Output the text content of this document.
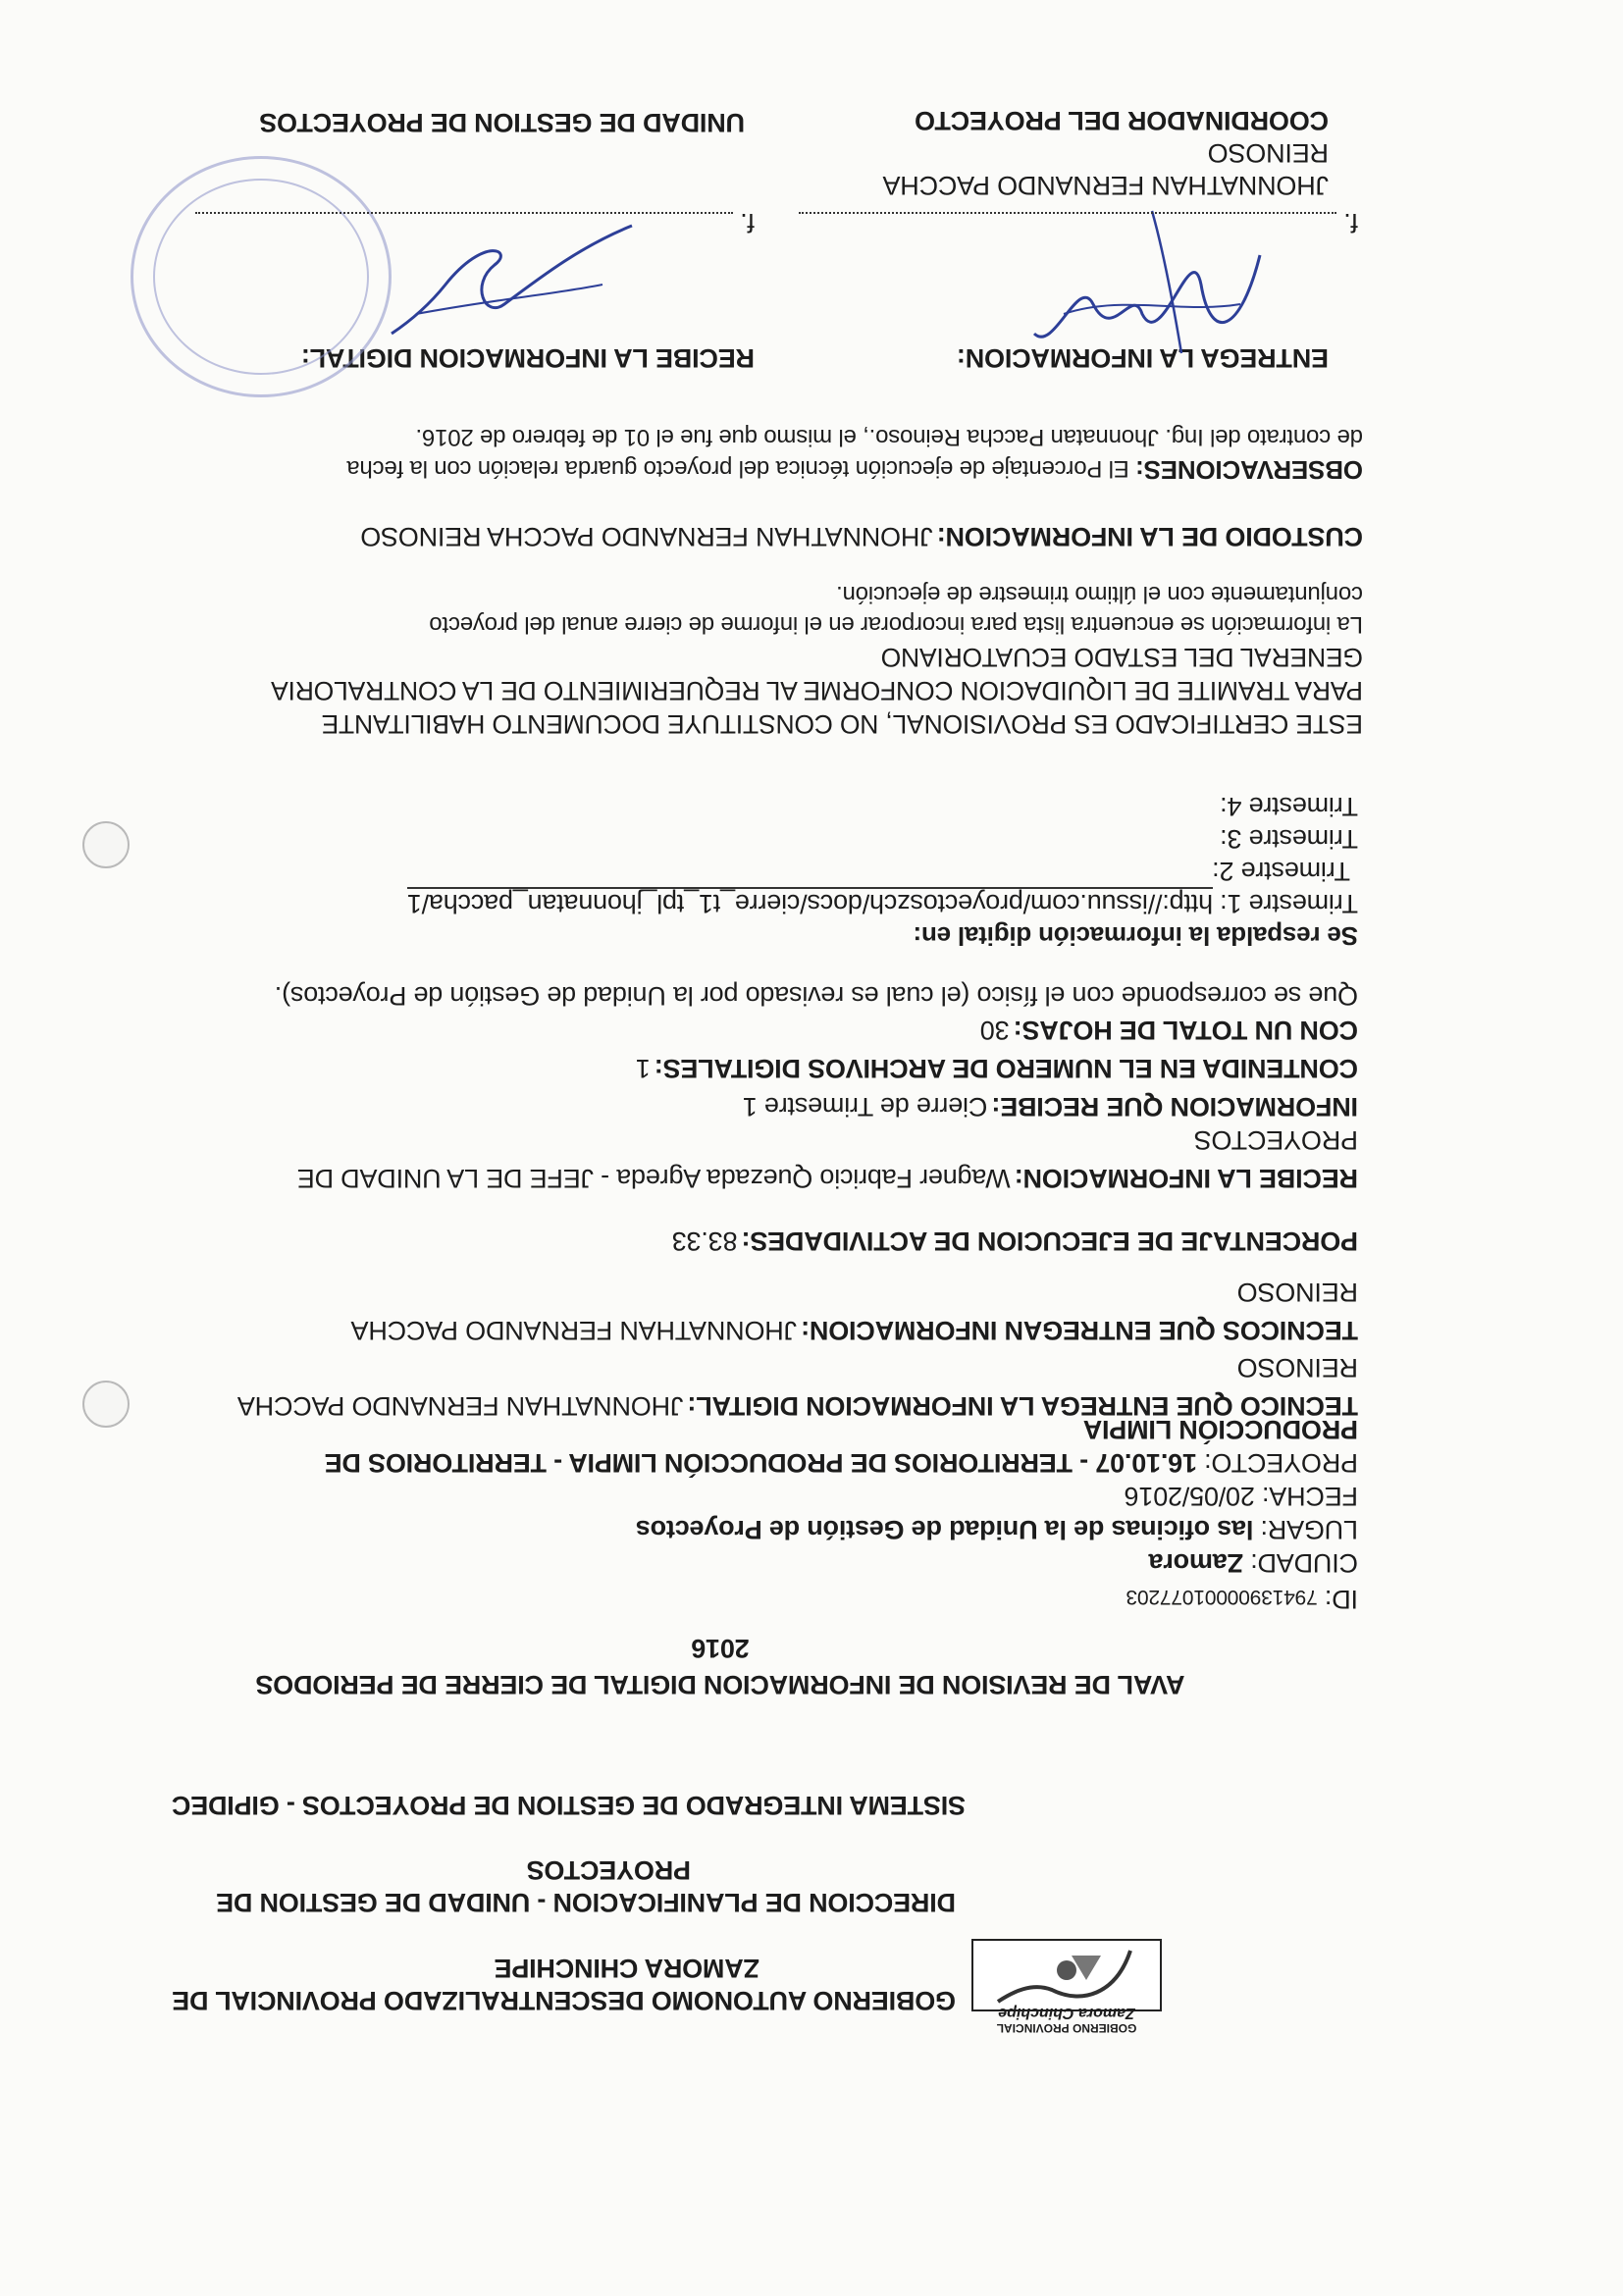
GOBIERNO PROVINCIAL
Zamora Chinchipe
GOBIERNO AUTONOMO DESCENTRALIZADO PROVINCIAL DE
ZAMORA CHINCHIPE
DIRECCION DE PLANIFICACION - UNIDAD DE GESTION DE
PROYECTOS
SISTEMA INTEGRADO DE GESTION DE PROYECTOS - GIPIDEC
AVAL DE REVISION DE INFORMACION DIGITAL DE CIERRE DE PERIODOS
2016
ID: 79413900001077203
CIUDAD: Zamora
LUGAR: las oficinas de la Unidad de Gestión de Proyectos
FECHA: 20/05/2016
PROYECTO: 16.10.07 - TERRITORIOS DE PRODUCCIÓN LIMPIA - TERRITORIOS DE
PRODUCCIÓN LIMPIA
TECNICO QUE ENTREGA LA INFORMACION DIGITAL: JHONNATHAN FERNANDO PACCHA
REINOSO
TECNICOS QUE ENTREGAN INFORMACION: JHONNATHAN FERNANDO PACCHA
REINOSO
PORCENTAJE DE EJECUCION DE ACTIVIDADES: 83.33
RECIBE LA INFORMACION: Wagner Fabricio Quezada Agreda - JEFE DE LA UNIDAD DE
PROYECTOS
INFORMACION QUE RECIBE: Cierre de Trimestre 1
CONTENIDA EN EL NUMERO DE ARCHIVOS DIGITALES: 1
CON UN TOTAL DE HOJAS: 30
Que se corresponde con el físico (el cual es revisado por la Unidad de Gestión de Proyectos).
Se respalda la información digital en:
Trimestre 1: http://issuu.com/proyectoszch/docs/cierre_t1_tpl_jhonnatan_paccha/1
Trimestre 2:
Trimestre 3:
Trimestre 4:
ESTE CERTIFICADO ES PROVISIONAL, NO CONSTITUYE DOCUMENTO HABILITANTE
PARA TRAMITE DE LIQUIDACION CONFORME AL REQUERIMIENTO DE LA CONTRALORIA
GENERAL DEL ESTADO ECUATORIANO
La información se encuentra lista para incorporar en el informe de cierre anual del proyecto
conjuntamente con el último trimestre de ejecución.
CUSTODIO DE LA INFORMACION: JHONNATHAN FERNANDO PACCHA REINOSO
OBSERVACIONES: El Porcentaje de ejecución técnica del proyecto guarda relación con la fecha
de contrato del Ing. Jhonnatan Paccha Reinoso., el mismo que fue el 01 de febrero de 2016.
ENTREGA LA INFORMACION:
RECIBE LA INFORMACION DIGITAL:
f.
f.
JHONNATHAN FERNANDO PACCHA
REINOSO
COORDINADOR DEL PROYECTO
UNIDAD DE GESTION DE PROYECTOS
